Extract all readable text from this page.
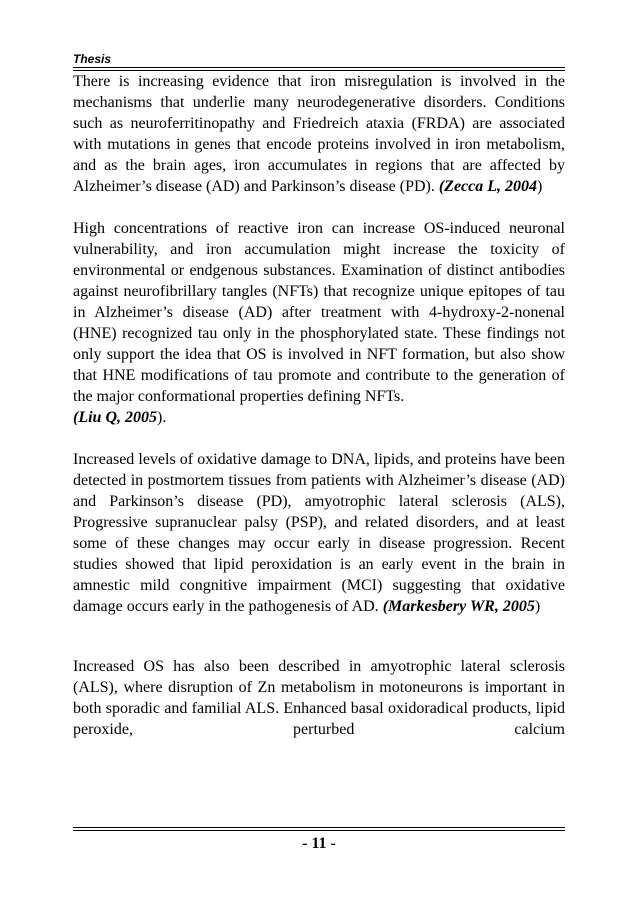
Thesis
There is increasing evidence that iron misregulation is involved in the mechanisms that underlie many neurodegenerative disorders. Conditions such as neuroferritinopathy and Friedreich ataxia (FRDA) are associated with mutations in genes that encode proteins involved in iron metabolism, and as the brain ages, iron accumulates in regions that are affected by Alzheimer’s disease (AD) and Parkinson’s disease (PD). (Zecca L, 2004)
High concentrations of reactive iron can increase OS-induced neuronal vulnerability, and iron accumulation might increase the toxicity of environmental or endgenous substances. Examination of distinct antibodies against neurofibrillary tangles (NFTs) that recognize unique epitopes of tau in Alzheimer’s disease (AD) after treatment with 4-hydroxy-2-nonenal (HNE) recognized tau only in the phosphorylated state. These findings not only support the idea that OS is involved in NFT formation, but also show that HNE modifications of tau promote and contribute to the generation of the major conformational properties defining NFTs.
(Liu Q, 2005).
Increased levels of oxidative damage to DNA, lipids, and proteins have been detected in postmortem tissues from patients with Alzheimer’s disease (AD) and Parkinson’s disease (PD), amyotrophic lateral sclerosis (ALS), Progressive supranuclear palsy (PSP), and related disorders, and at least some of these changes may occur early in disease progression. Recent studies showed that lipid peroxidation is an early event in the brain in amnestic mild congnitive impairment (MCI) suggesting that oxidative damage occurs early in the pathogenesis of AD. (Markesbery WR, 2005)
Increased OS has also been described in amyotrophic lateral sclerosis (ALS), where disruption of Zn metabolism in motoneurons is important in both sporadic and familial ALS. Enhanced basal oxidoradical products, lipid peroxide, perturbed calcium
- 11 -
